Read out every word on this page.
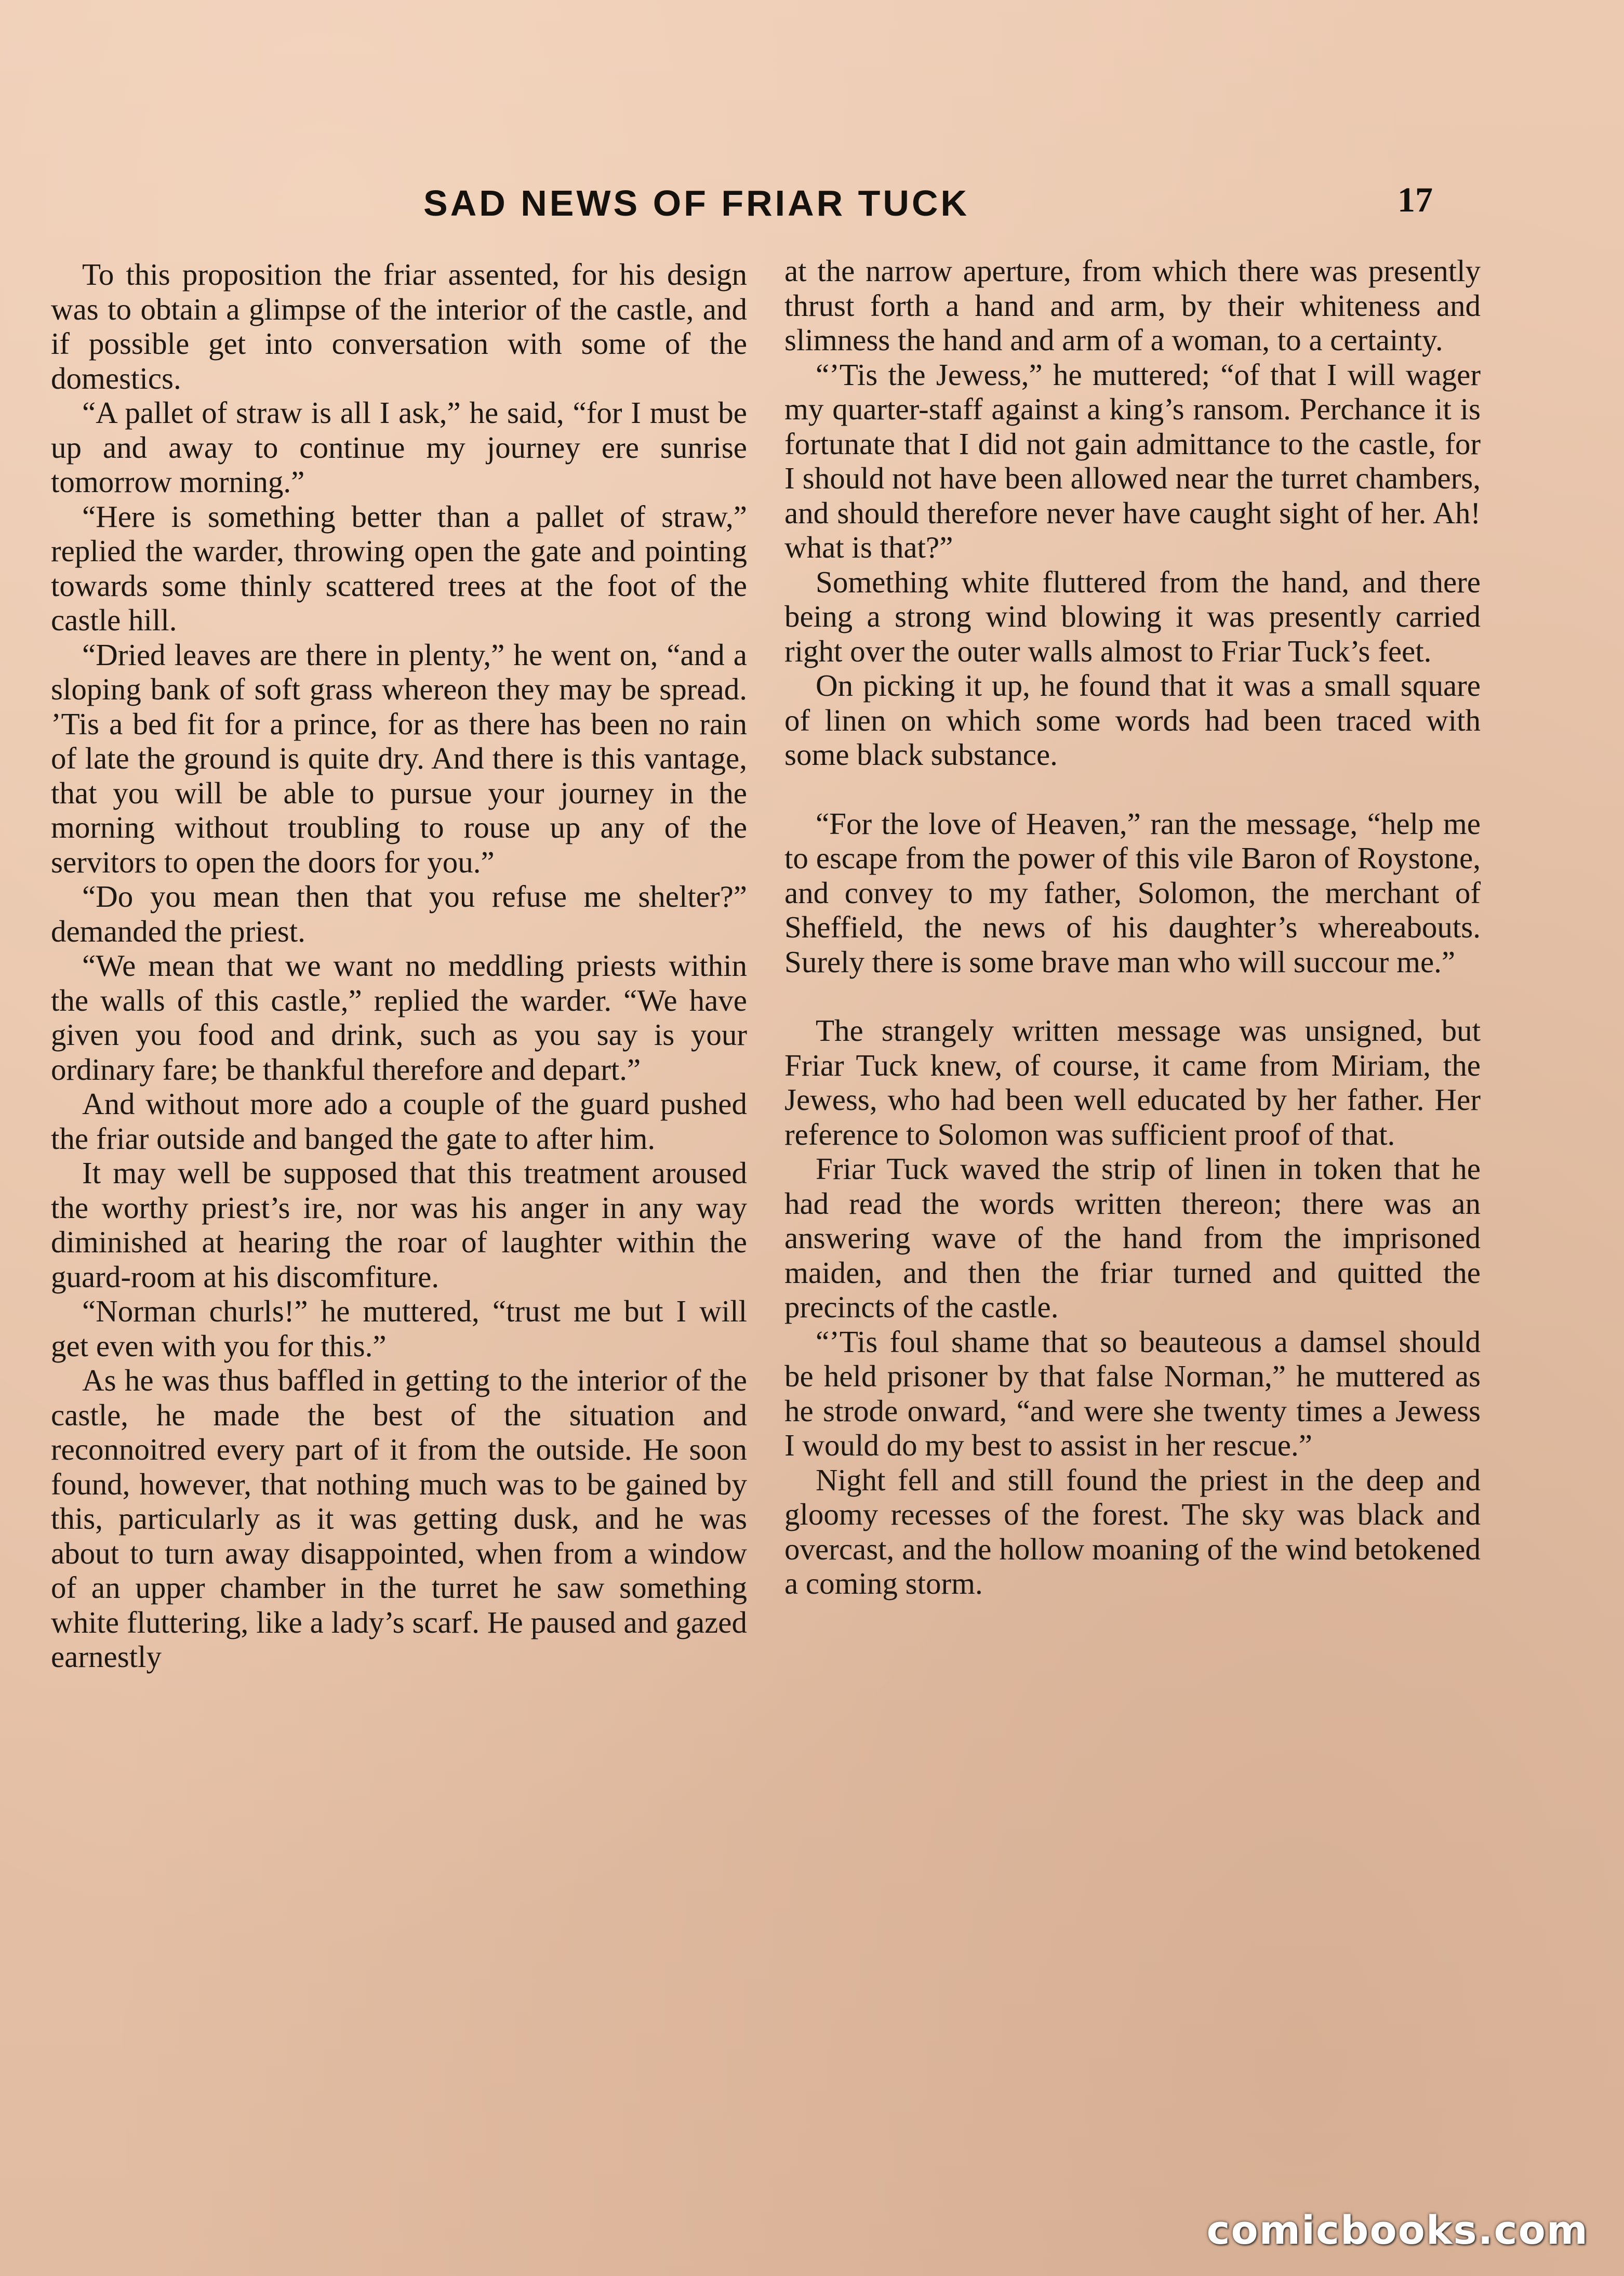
SAD NEWS OF FRIAR TUCK	17

To this proposition the friar assented, for his design was to obtain a glimpse of the interior of the castle, and if possible get into conversation with some of the domestics.

“A pallet of straw is all I ask,” he said, “for I must be up and away to continue my journey ere sunrise tomorrow morning.”

“Here is something better than a pallet of straw,” replied the warder, throwing open the gate and pointing towards some thinly scattered trees at the foot of the castle hill.

“Dried leaves are there in plenty,” he went on, “and a sloping bank of soft grass whereon they may be spread. ’Tis a bed fit for a prince, for as there has been no rain of late the ground is quite dry. And there is this vantage, that you will be able to pursue your journey in the morning without troubling to rouse up any of the servitors to open the doors for you.”

“Do you mean then that you refuse me shelter?” demanded the priest.

“We mean that we want no meddling priests within the walls of this castle,” replied the warder. “We have given you food and drink, such as you say is your ordinary fare; be thankful therefore and depart.”

And without more ado a couple of the guard pushed the friar outside and banged the gate to after him.

It may well be supposed that this treatment aroused the worthy priest’s ire, nor was his anger in any way diminished at hearing the roar of laughter within the guard-room at his discomfiture.

“Norman churls!” he muttered, “trust me but I will get even with you for this.”

As he was thus baffled in getting to the interior of the castle, he made the best of the situation and reconnoitred every part of it from the outside. He soon found, however, that nothing much was to be gained by this, particularly as it was getting dusk, and he was about to turn away disappointed, when from a window of an upper chamber in the turret he saw something white fluttering, like a lady’s scarf. He paused and gazed earnestly

at the narrow aperture, from which there was presently thrust forth a hand and arm, by their whiteness and slimness the hand and arm of a woman, to a certainty.

“’Tis the Jewess,” he muttered; “of that I will wager my quarter-staff against a king’s ransom. Perchance it is fortunate that I did not gain admittance to the castle, for I should not have been allowed near the turret chambers, and should therefore never have caught sight of her. Ah! what is that?”

Something white fluttered from the hand, and there being a strong wind blowing it was presently carried right over the outer walls almost to Friar Tuck’s feet.

On picking it up, he found that it was a small square of linen on which some words had been traced with some black substance.

“For the love of Heaven,” ran the message, “help me to escape from the power of this vile Baron of Roystone, and convey to my father, Solomon, the merchant of Sheffield, the news of his daughter’s whereabouts. Surely there is some brave man who will succour me.”

The strangely written message was unsigned, but Friar Tuck knew, of course, it came from Miriam, the Jewess, who had been well educated by her father. Her reference to Solomon was sufficient proof of that.

Friar Tuck waved the strip of linen in token that he had read the words written thereon; there was an answering wave of the hand from the imprisoned maiden, and then the friar turned and quitted the precincts of the castle.

“’Tis foul shame that so beauteous a damsel should be held prisoner by that false Norman,” he muttered as he strode onward, “and were she twenty times a Jewess I would do my best to assist in her rescue.”

Night fell and still found the priest in the deep and gloomy recesses of the forest. The sky was black and overcast, and the hollow moaning of the wind betokened a coming storm.

comicbooks.com
